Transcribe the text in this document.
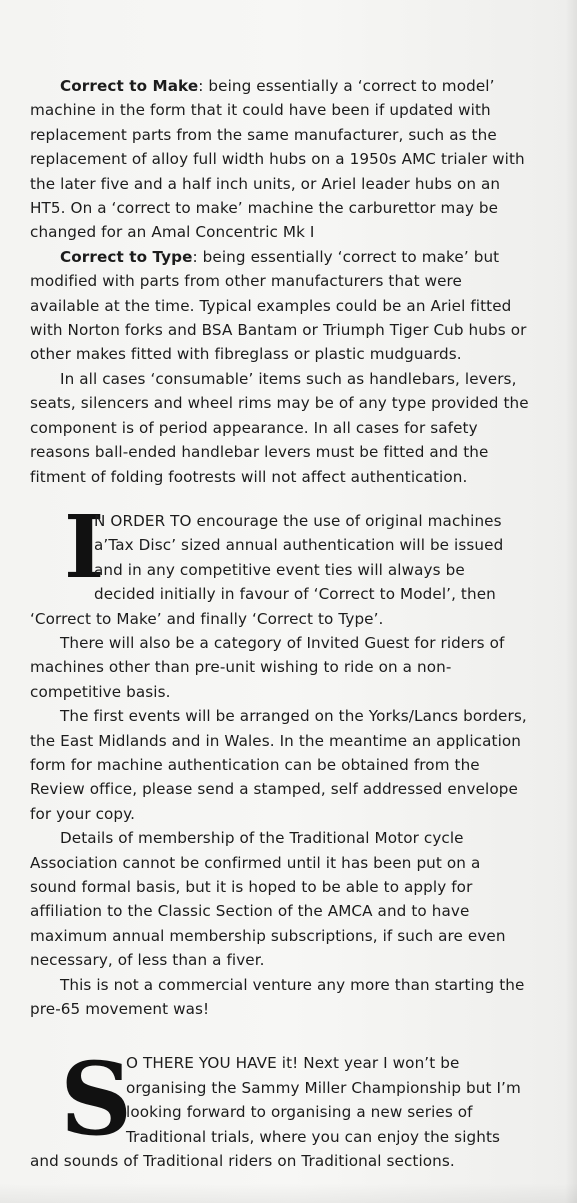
Correct to Make: being essentially a ‘correct to model’ machine in the form that it could have been if updated with replacement parts from the same manufacturer, such as the replacement of alloy full width hubs on a 1950s AMC trialer with the later five and a half inch units, or Ariel leader hubs on an HT5. On a ‘correct to make’ machine the carburettor may be changed for an Amal Concentric Mk I

Correct to Type: being essentially ‘correct to make’ but modified with parts from other manufacturers that were available at the time. Typical examples could be an Ariel fitted with Norton forks and BSA Bantam or Triumph Tiger Cub hubs or other makes fitted with fibreglass or plastic mudguards.

In all cases ‘consumable’ items such as handlebars, levers, seats, silencers and wheel rims may be of any type provided the component is of period appearance. In all cases for safety reasons ball-ended handlebar levers must be fitted and the fitment of folding footrests will not affect authentication.

I
N ORDER TO encourage the use of original machines a’Tax Disc’ sized annual authentication will be issued and in any competitive event ties will always be decided initially in favour of ‘Correct to Model’, then ‘Correct to Make’ and finally ‘Correct to Type’.

There will also be a category of Invited Guest for riders of machines other than pre-unit wishing to ride on a non-competitive basis.

The first events will be arranged on the Yorks/Lancs borders, the East Midlands and in Wales. In the meantime an application form for machine authentication can be obtained from the Review office, please send a stamped, self addressed envelope for your copy.

Details of membership of the Traditional Motor cycle Association cannot be confirmed until it has been put on a sound formal basis, but it is hoped to be able to apply for affiliation to the Classic Section of the AMCA and to have maximum annual membership subscriptions, if such are even necessary, of less than a fiver.

This is not a commercial venture any more than starting the pre-65 movement was!

S
O THERE YOU HAVE it! Next year I won’t be organising the Sammy Miller Championship but I’m looking forward to organising a new series of Traditional trials, where you can enjoy the sights and sounds of Traditional riders on Traditional sections.
